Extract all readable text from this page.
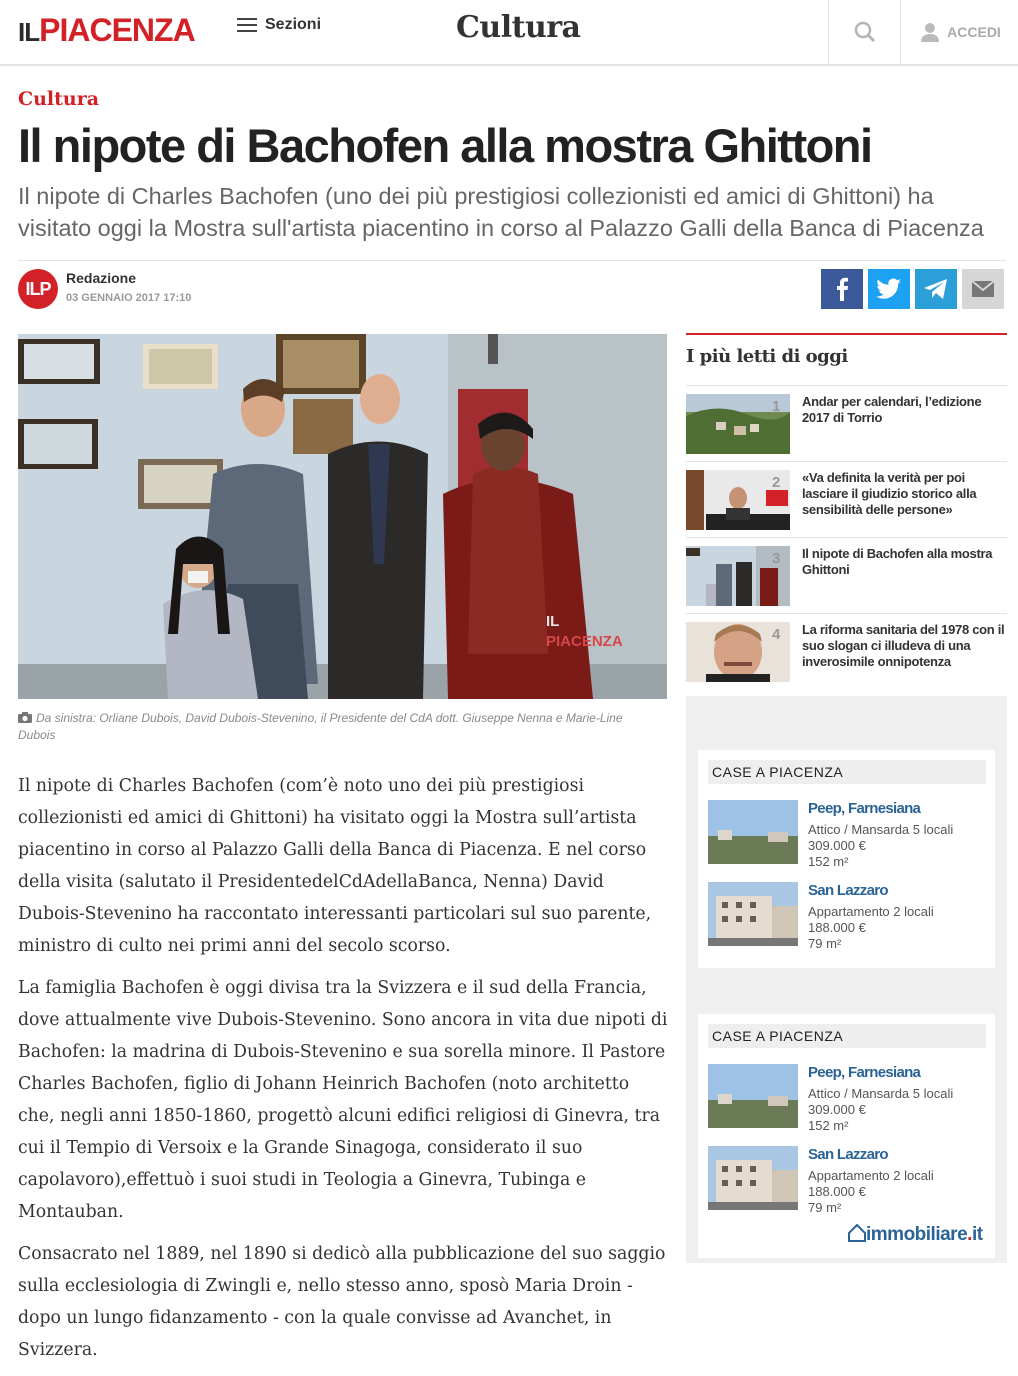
ILPIACENZA	Sezioni	Cultura	ACCEDI
Cultura
Il nipote di Bachofen alla mostra Ghittoni
Il nipote di Charles Bachofen (uno dei più prestigiosi collezionisti ed amici di Ghittoni) ha visitato oggi la Mostra sull'artista piacentino in corso al Palazzo Galli della Banca di Piacenza
ILP
Redazione
03 GENNAIO 2017 17:10
IL
PIACENZA
Da sinistra: Orliane Dubois, David Dubois-Stevenino, il Presidente del CdA dott. Giuseppe Nenna e Marie-Line Dubois

Il nipote di Charles Bachofen (com’è noto uno dei più prestigiosi collezionisti ed amici di Ghittoni) ha visitato oggi la Mostra sull’artista piacentino in corso al Palazzo Galli della Banca di Piacenza. E nel corso della visita (salutato il PresidentedelCdAdellaBanca, Nenna) David Dubois-Stevenino ha raccontato interessanti particolari sul suo parente, ministro di culto nei primi anni del secolo scorso.

La famiglia Bachofen è oggi divisa tra la Svizzera e il sud della Francia, dove attualmente vive Dubois-Stevenino. Sono ancora in vita due nipoti di Bachofen: la madrina di Dubois-Stevenino e sua sorella minore. Il Pastore Charles Bachofen, figlio di Johann Heinrich Bachofen (noto architetto che, negli anni 1850-1860, progettò alcuni edifici religiosi di Ginevra, tra cui il Tempio di Versoix e la Grande Sinagoga, considerato il suo capolavoro),effettuò i suoi studi in Teologia a Ginevra, Tubinga e Montauban.

Consacrato nel 1889, nel 1890 si dedicò alla pubblicazione del suo saggio sulla ecclesiologia di Zwingli e, nello stesso anno, sposò Maria Droin - dopo un lungo fidanzamento - con la quale convisse ad Avanchet, in Svizzera.

I più letti di oggi
1 Andar per calendari, l’edizione 2017 di Torrio
2 «Va definita la verità per poi lasciare il giudizio storico alla sensibilità delle persone»
3 Il nipote di Bachofen alla mostra Ghittoni
4 La riforma sanitaria del 1978 con il suo slogan ci illudeva di una inverosimile onnipotenza
CASE A PIACENZA
Peep, Farnesiana
Attico / Mansarda 5 locali
309.000 €
152 m²
San Lazzaro
Appartamento 2 locali
188.000 €
79 m²
CASE A PIACENZA
Peep, Farnesiana
Attico / Mansarda 5 locali
309.000 €
152 m²
San Lazzaro
Appartamento 2 locali
188.000 €
79 m²
immobiliare.it
